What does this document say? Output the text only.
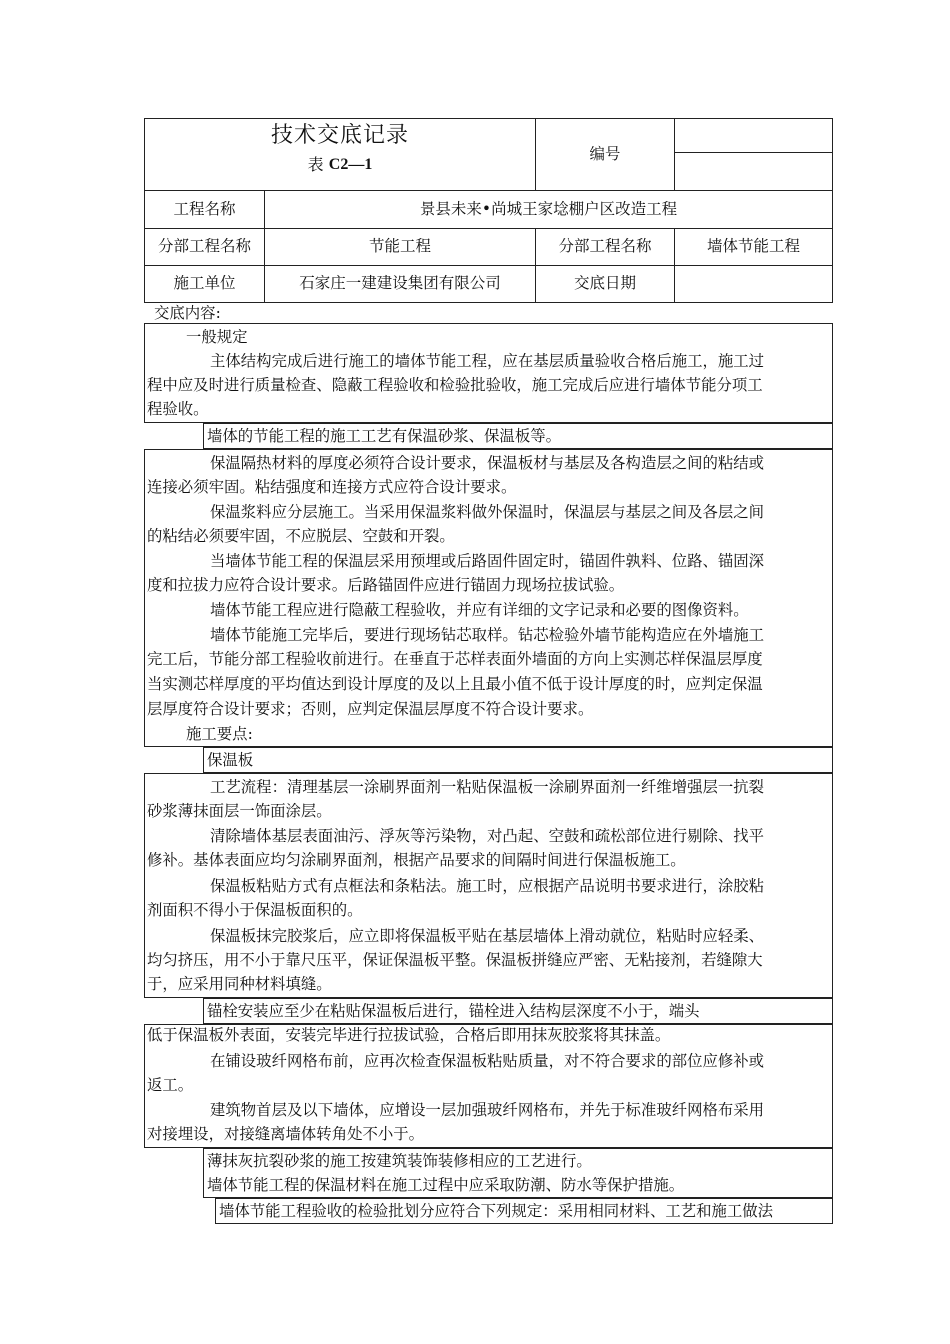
技术交底记录
表
C2—1
编号
工程名称	景县未来•尚城王家埝棚户区改造工程
分部工程名称	节能工程	分部工程名称	墙体节能工程
施工单位	石家庄一建建设集团有限公司	交底日期
交底内容:
一般规定
主体结构完成后进行施工的墙体节能工程，应在基层质量验收合格后施工，施工过
程中应及时进行质量检查、隐蔽工程验收和检验批验收，施工完成后应进行墙体节能分项工
程验收。
墙体的节能工程的施工工艺有保温砂浆、保温板等。
保温隔热材料的厚度必须符合设计要求，保温板材与基层及各构造层之间的粘结或
连接必须牢固。粘结强度和连接方式应符合设计要求。
保温浆料应分层施工。当采用保温浆料做外保温时，保温层与基层之间及各层之间
的粘结必须要牢固，不应脱层、空鼓和开裂。
当墙体节能工程的保温层采用预埋或后路固件固定时，锚固件孰料、位路、锚固深
度和拉拔力应符合设计要求。后路锚固件应进行锚固力现场拉拔试验。
墙体节能工程应进行隐蔽工程验收，并应有详细的文字记录和必要的图像资料。
墙体节能施工完毕后，要进行现场钻芯取样。钻芯检验外墙节能构造应在外墙施工
完工后，节能分部工程验收前进行。在垂直于芯样表面外墙面的方向上实测芯样保温层厚度
当实测芯样厚度的平均值达到设计厚度的及以上且最小值不低于设计厚度的时，应判定保温
层厚度符合设计要求；否则，应判定保温层厚度不符合设计要求。
施工要点:
保温板
工艺流程：清理基层一涂刷界面剂一粘贴保温板一涂刷界面剂一纤维增强层一抗裂
砂浆薄抹面层一饰面涂层。
清除墙体基层表面油污、浮灰等污染物，对凸起、空鼓和疏松部位进行剔除、找平
修补。基体表面应均匀涂刷界面剂，根据产品要求的间隔时间进行保温板施工。
保温板粘贴方式有点框法和条粘法。施工时，应根据产品说明书要求进行，涂胶粘
剂面积不得小于保温板面积的。
保温板抹完胶浆后，应立即将保温板平贴在基层墙体上滑动就位，粘贴时应轻柔、
均匀挤压，用不小于靠尺压平，保证保温板平整。保温板拼缝应严密、无粘接剂，若缝隙大
于，应采用同种材料填缝。
锚栓安装应至少在粘贴保温板后进行，锚栓进入结构层深度不小于，端头
低于保温板外表面，安装完毕进行拉拔试验，合格后即用抹灰胶浆将其抹盖。
在铺设玻纤网格布前，应再次检查保温板粘贴质量，对不符合要求的部位应修补或
返工。
建筑物首层及以下墙体，应增设一层加强玻纤网格布，并先于标准玻纤网格布采用
对接埋设，对接缝离墙体转角处不小于。
薄抹灰抗裂砂浆的施工按建筑装饰装修相应的工艺进行。
墙体节能工程的保温材料在施工过程中应采取防潮、防水等保护措施。
墙体节能工程验收的检验批划分应符合下列规定：采用相同材料、工艺和施工做法
